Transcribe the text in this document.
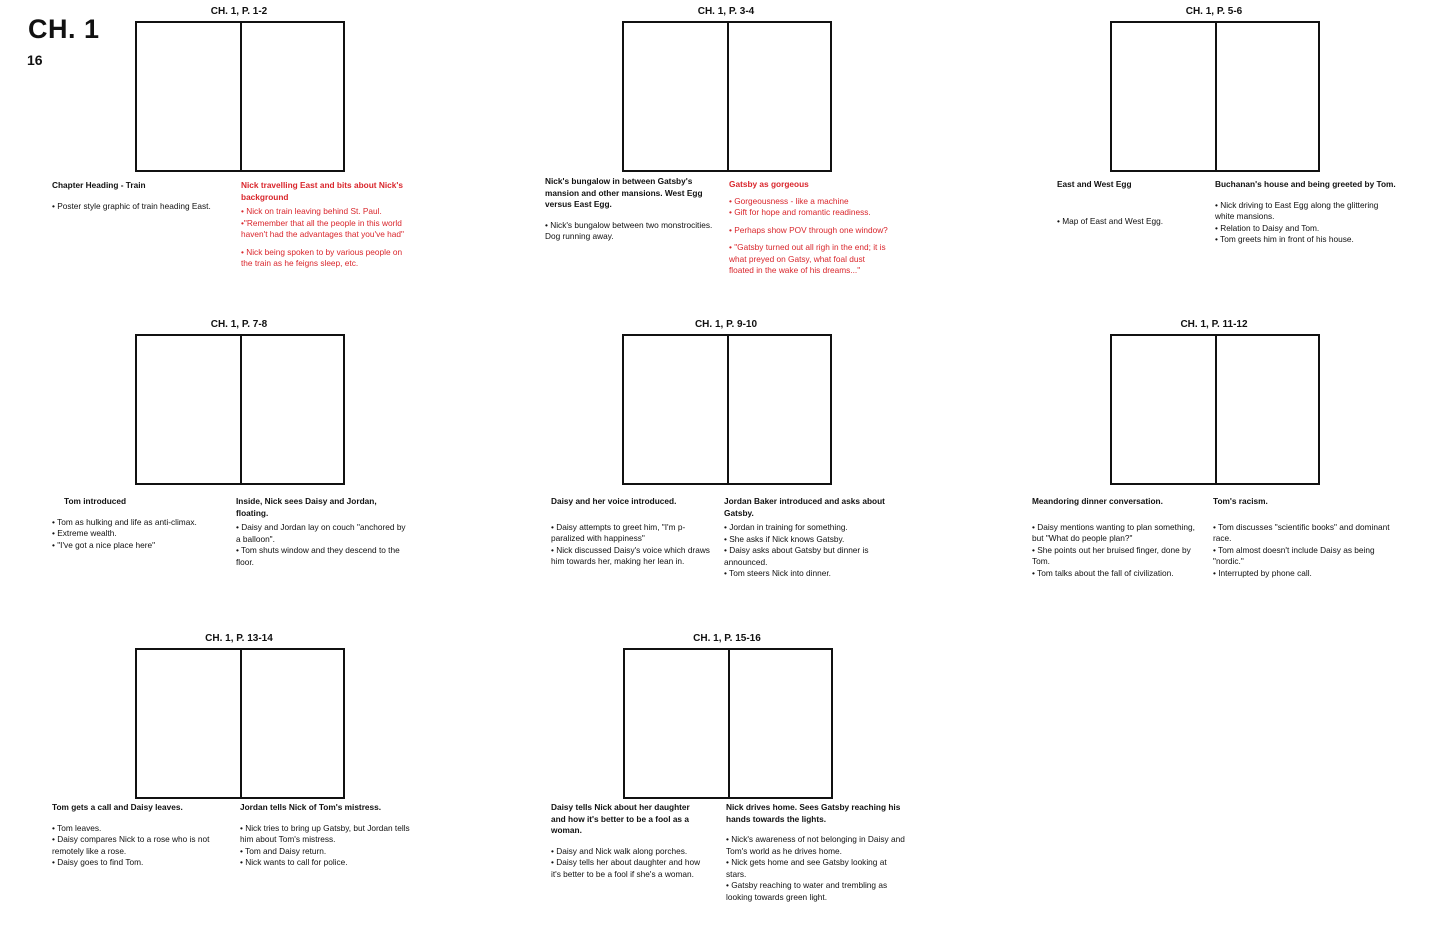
CH. 1
16
CH. 1, P. 1-2
Chapter Heading - Train

• Poster style graphic of train heading East.

Nick travelling East and bits about Nick's background

• Nick on train leaving behind St. Paul.

•"Remember that all the people in this world haven't had the advantages that you've had"

• Nick being spoken to by various people on the train as he feigns sleep, etc.

CH. 1, P. 3-4
Nick's bungalow in between Gatsby's mansion and other mansions. West Egg versus East Egg.

• Nick's bungalow between two monstrocities. Dog running away.

Gatsby as gorgeous

• Gorgeousness - like a machine

• Gift for hope and romantic readiness.

• Perhaps show POV through one window?

• "Gatsby turned out all righ in the end; it is what preyed on Gatsy, what foal dust floated in the wake of his dreams..."

CH. 1, P. 5-6
East and West Egg

• Map of East and West Egg.

Buchanan's house and being greeted by Tom.

• Nick driving to East Egg along the glittering white mansions.

• Relation to Daisy and Tom.

• Tom greets him in front of his house.

CH. 1, P. 7-8
Tom introduced

• Tom as hulking and life as anti-climax.

• Extreme wealth.

• "I've got a nice place here"

Inside, Nick sees Daisy and Jordan, floating.

• Daisy and Jordan lay on couch "anchored by a balloon".

• Tom shuts window and they descend to the floor.

CH. 1, P. 9-10
Daisy and her voice introduced.

• Daisy attempts to greet him, "I'm p-paralized with happiness"

• Nick discussed Daisy's voice which draws him towards her, making her lean in.

Jordan Baker introduced and asks about Gatsby.

• Jordan in training for something.

• She asks if Nick knows Gatsby.

• Daisy asks about Gatsby but dinner is announced.

• Tom steers Nick into dinner.

CH. 1, P. 11-12
Meandoring dinner conversation.

• Daisy mentions wanting to plan something, but "What do people plan?"

• She points out her bruised finger, done by Tom.

• Tom talks about the fall of civilization.

Tom's racism.

• Tom discusses "scientific books" and dominant race.

• Tom almost doesn't include Daisy as being "nordic."

• Interrupted by phone call.

CH. 1, P. 13-14
Tom gets a call and Daisy leaves.

• Tom leaves.

• Daisy compares Nick to a rose who is not remotely like a rose.

• Daisy goes to find Tom.

Jordan tells Nick of Tom's mistress.

• Nick tries to bring up Gatsby, but Jordan tells him about Tom's mistress.

• Tom and Daisy return.

• Nick wants to call for police.

CH. 1, P. 15-16
Daisy tells Nick about her daughter and how it's better to be a fool as a woman.

• Daisy and Nick walk along porches.

• Daisy tells her about daughter and how it's better to be a fool if she's a woman.

Nick drives home. Sees Gatsby reaching his hands towards the lights.

• Nick's awareness of not belonging in Daisy and Tom's world as he drives home.

• Nick gets home and see Gatsby looking at stars.

• Gatsby reaching to water and trembling as looking towards green light.
